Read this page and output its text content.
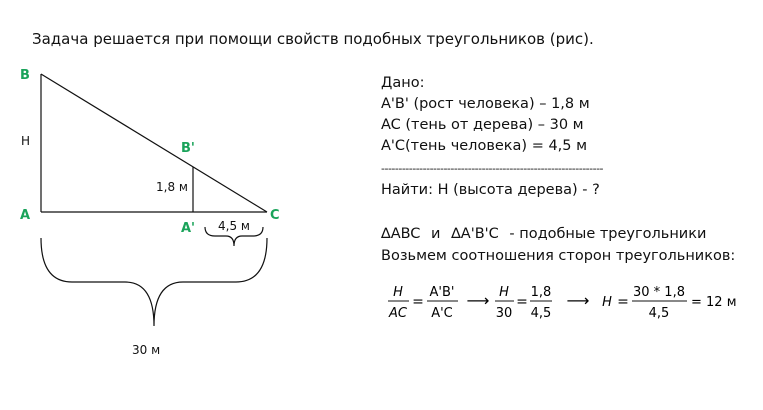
Задача решается при помощи свойств подобных треугольников (рис).
B
B'
A
A'
C
H
1,8 м
4,5 м
30 м
Дано:
A'B' (рост человека) – 1,8 м
AC (тень от дерева) – 30 м
A'C(тень человека) = 4,5 м
----------------------------------------------------------------
Найти: H (высота дерева) - ?
∆ABC и ∆A'B'C - подобные треугольники
Возьмем соотношения сторон треугольников:
H
AC
=
A'B'
A'C
⟶ H
30
=
1,8
4,5
⟶ H =
30 * 1,8
4,5
= 12 м
